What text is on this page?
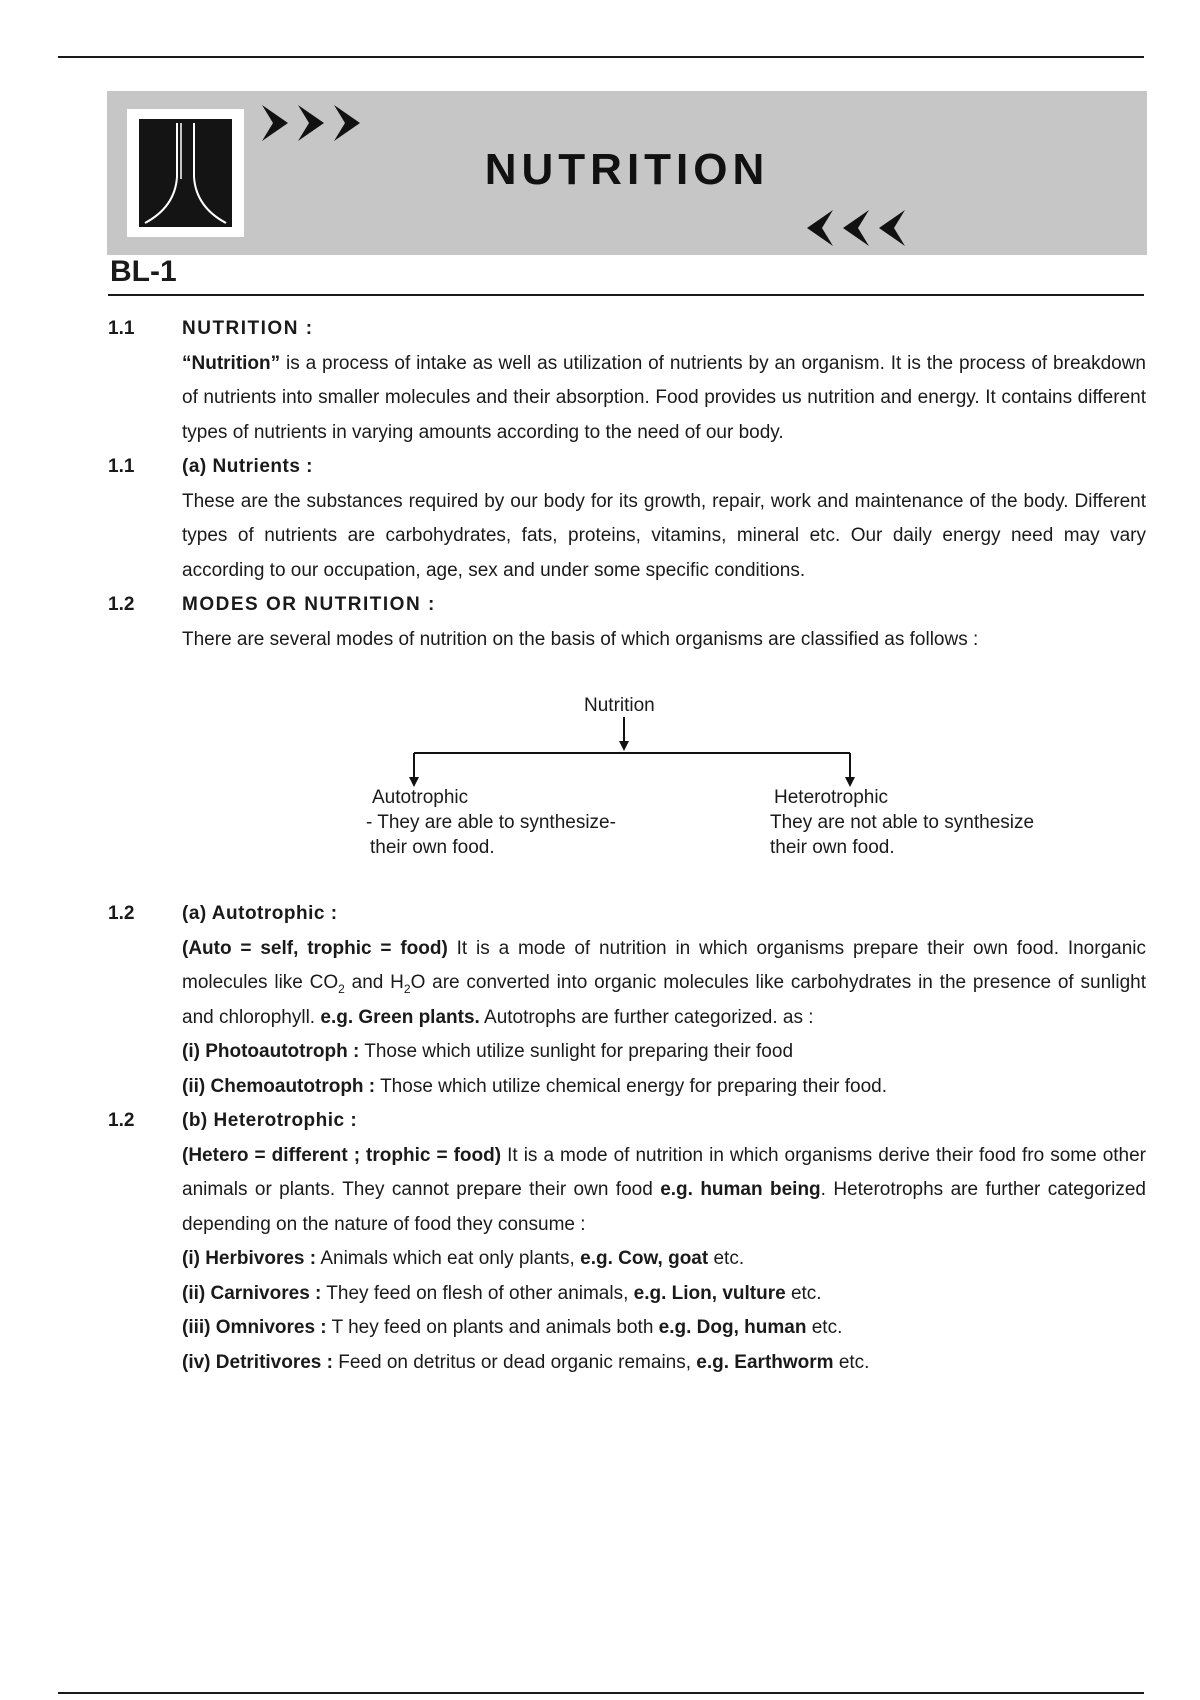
NUTRITION
BL-1
1.1	NUTRITION :

“Nutrition” is a process of intake as well as utilization of nutrients by an organism. It is the process of breakdown of nutrients into smaller molecules and their absorption. Food provides us nutrition and energy. It contains different types of nutrients in varying amounts according to the need of our body.

1.1	(a) Nutrients :

These are the substances required by our body for its growth, repair, work and maintenance of the body. Different types of nutrients are carbohydrates, fats, proteins, vitamins, mineral etc. Our daily energy need may vary according to our occupation, age, sex and under some specific conditions.

1.2	MODES OR NUTRITION :

There are several modes of nutrition on the basis of which organisms are classified as follows :

Nutrition
Autotrophic
- They are able to synthesize-
their own food.
Heterotrophic
They are not able to synthesize
their own food.
1.2	(a) Autotrophic :

(Auto = self, trophic = food) It is a mode of nutrition in which organisms prepare their own food. Inorganic molecules like $CO_2$ and $H_2O$ are converted into organic molecules like carbohydrates in the presence of sunlight and chlorophyll. e.g. Green plants. Autotrophs are further categorized. as :

(i) Photoautotroph : Those which utilize sunlight for preparing their food

(ii) Chemoautotroph : Those which utilize chemical energy for preparing their food.

1.2	(b) Heterotrophic :

(Hetero = different ; trophic = food) It is a mode of nutrition in which organisms derive their food fro some other animals or plants. They cannot prepare their own food e.g. human being. Heterotrophs are further categorized depending on the nature of food they consume :

(i) Herbivores : Animals which eat only plants, e.g. Cow, goat etc.

(ii) Carnivores : They feed on flesh of other animals, e.g. Lion, vulture etc.

(iii) Omnivores : T hey feed on plants and animals both e.g. Dog, human etc.

(iv) Detritivores : Feed on detritus or dead organic remains, e.g. Earthworm etc.
